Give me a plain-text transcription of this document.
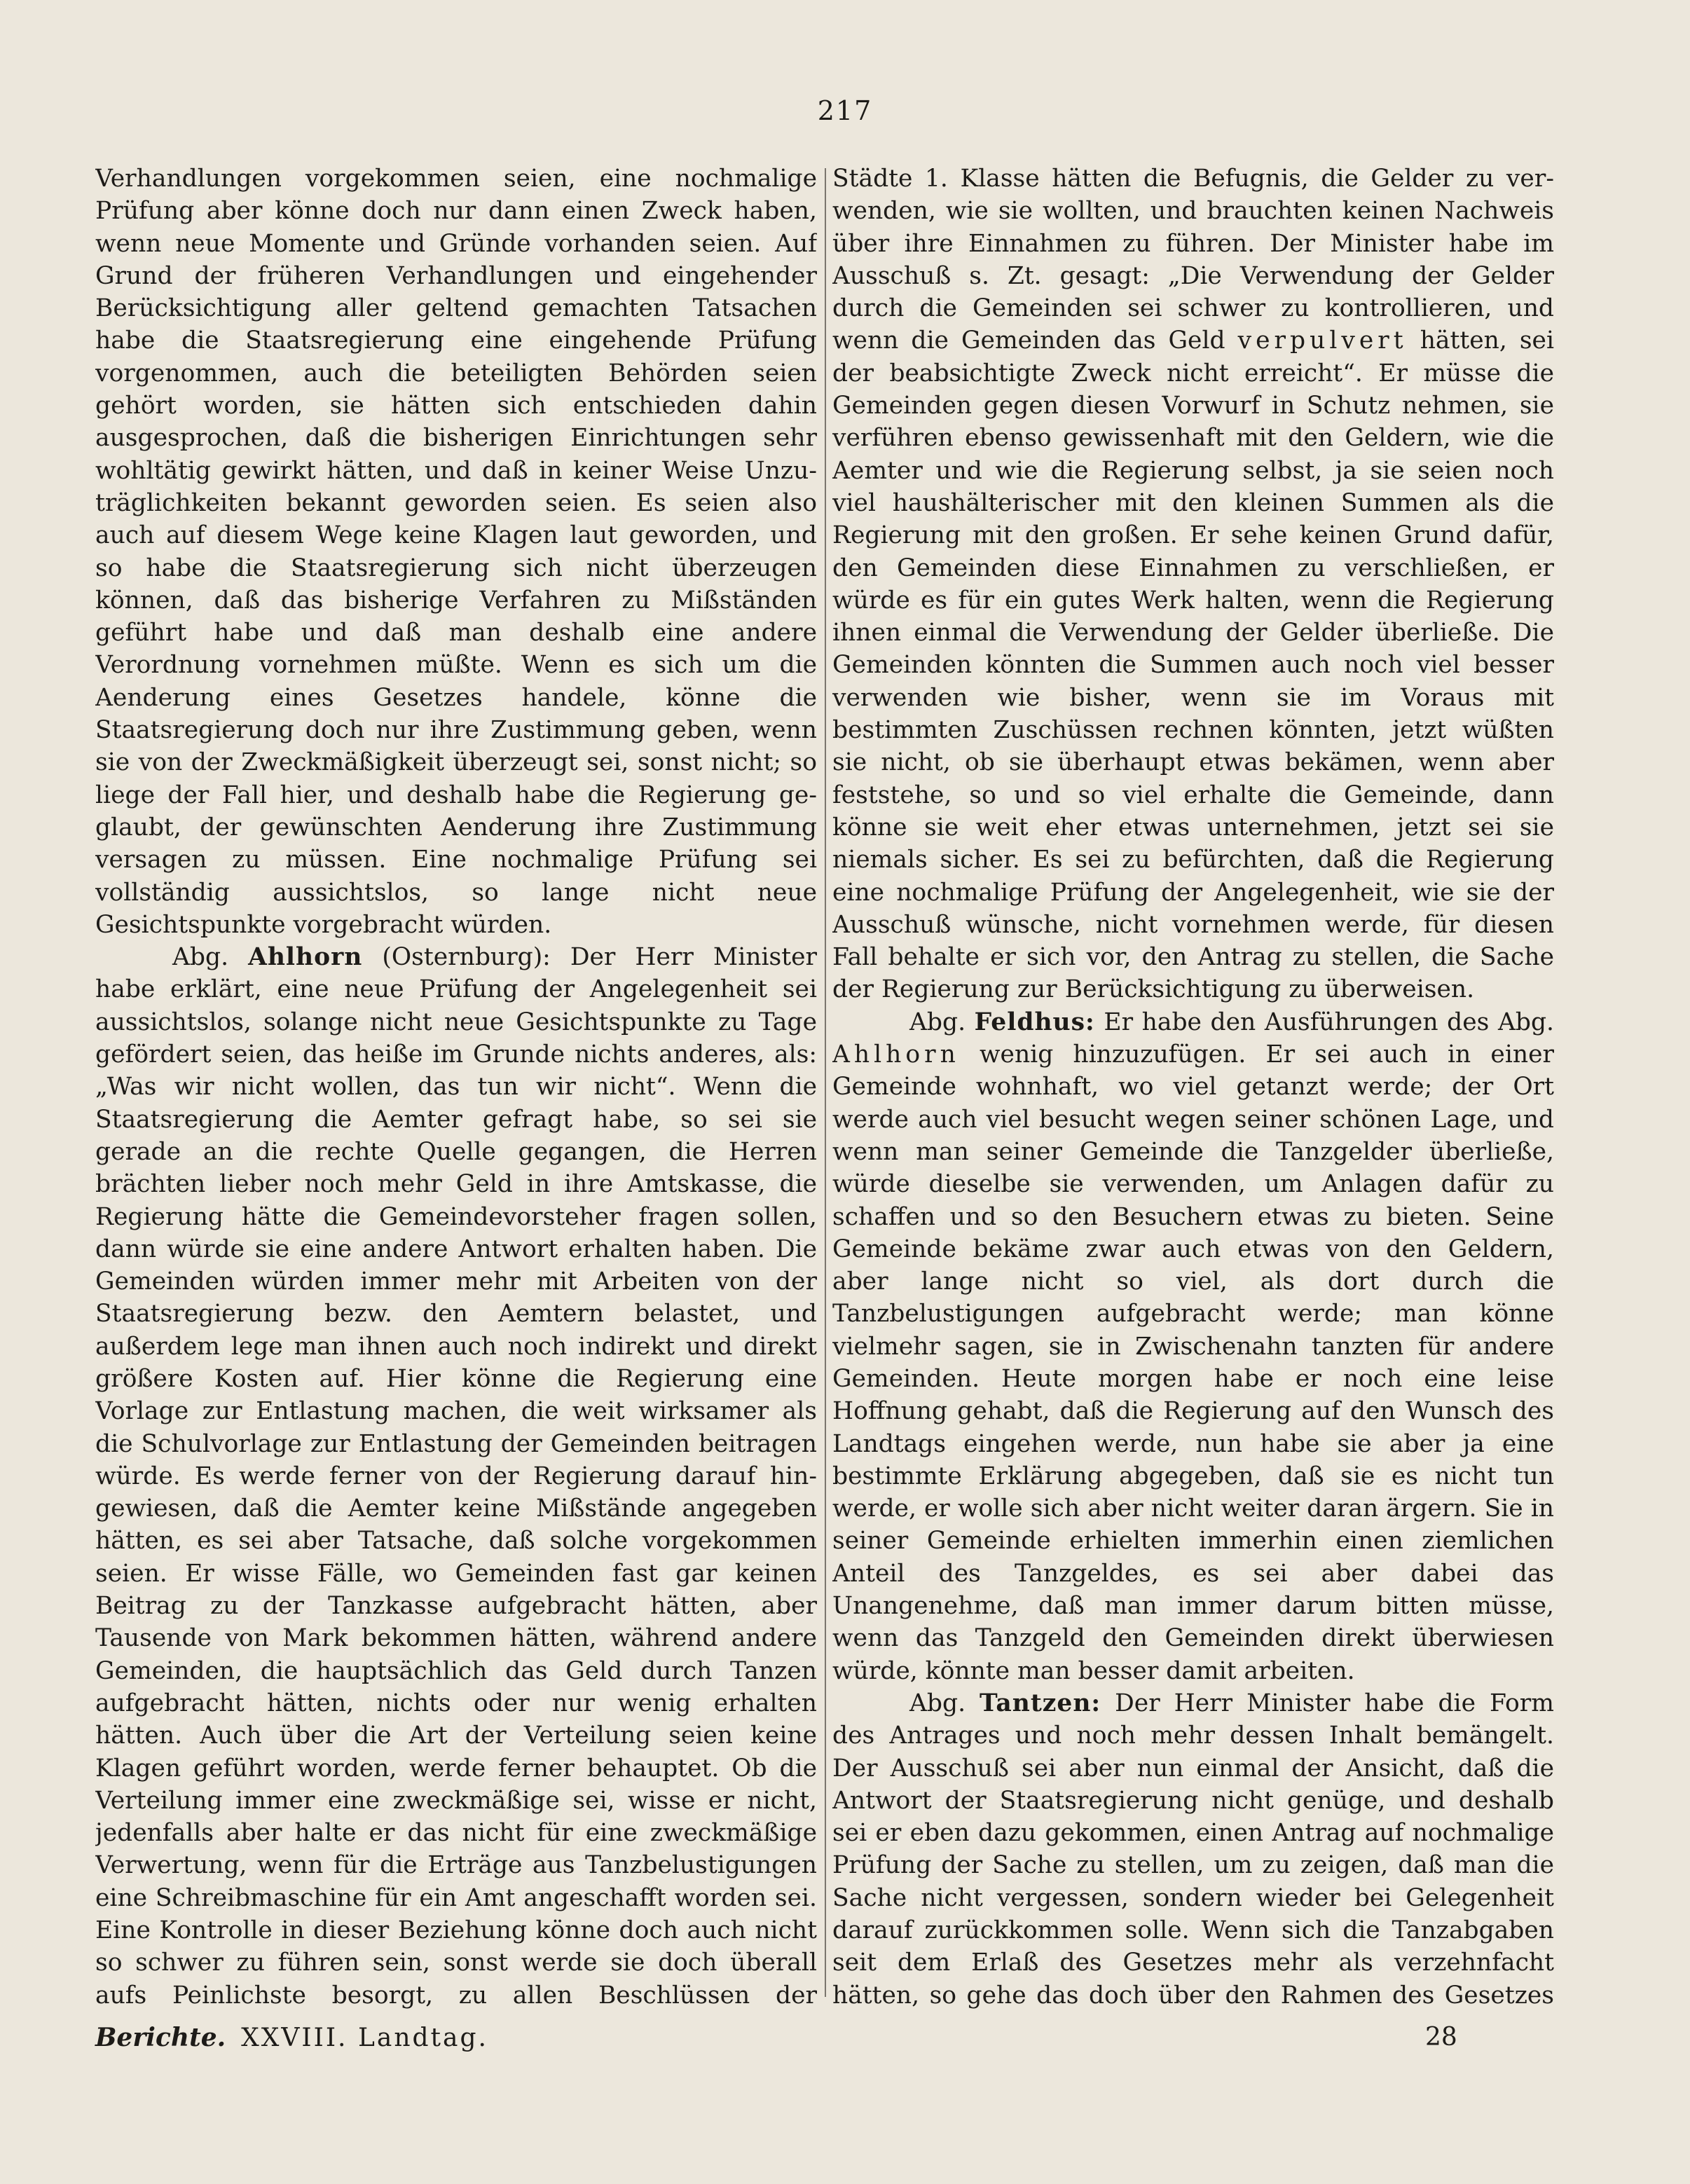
217

Verhandlungen vorgekommen seien, eine nochmalige Prüfung aber könne doch nur dann einen Zweck haben, wenn neue Momente und Gründe vorhanden seien. Auf Grund der früheren Verhandlungen und eingehender Berücksichtigung aller geltend gemachten Tatsachen habe die Staatsregierung eine eingehende Prüfung vorgenommen, auch die beteiligten Behörden seien gehört worden, sie hätten sich entschieden dahin ausgesprochen, daß die bisherigen Einrichtungen sehr wohltätig gewirkt hätten, und daß in keiner Weise Unzuträglichkeiten bekannt geworden seien. Es seien also auch auf diesem Wege keine Klagen laut geworden, und so habe die Staatsregierung sich nicht überzeugen können, daß das bisherige Verfahren zu Mißständen geführt habe und daß man deshalb eine andere Verordnung vornehmen müßte. Wenn es sich um die Aenderung eines Gesetzes handele, könne die Staatsregierung doch nur ihre Zustimmung geben, wenn sie von der Zweckmäßigkeit überzeugt sei, sonst nicht; so liege der Fall hier, und deshalb habe die Regierung geglaubt, der gewünschten Aenderung ihre Zustimmung versagen zu müssen. Eine nochmalige Prüfung sei vollständig aussichtslos, so lange nicht neue Gesichtspunkte vorgebracht würden.

Abg. Ahlhorn (Osternburg): Der Herr Minister habe erklärt, eine neue Prüfung der Angelegenheit sei aussichtslos, solange nicht neue Gesichtspunkte zu Tage gefördert seien, das heiße im Grunde nichts anderes, als: „Was wir nicht wollen, das tun wir nicht“. Wenn die Staatsregierung die Aemter gefragt habe, so sei sie gerade an die rechte Quelle gegangen, die Herren brächten lieber noch mehr Geld in ihre Amtskasse, die Regierung hätte die Gemeindevorsteher fragen sollen, dann würde sie eine andere Antwort erhalten haben. Die Gemeinden würden immer mehr mit Arbeiten von der Staatsregierung bezw. den Aemtern belastet, und außerdem lege man ihnen auch noch indirekt und direkt größere Kosten auf. Hier könne die Regierung eine Vorlage zur Entlastung machen, die weit wirksamer als die Schulvorlage zur Entlastung der Gemeinden beitragen würde. Es werde ferner von der Regierung darauf hingewiesen, daß die Aemter keine Mißstände angegeben hätten, es sei aber Tatsache, daß solche vorgekommen seien. Er wisse Fälle, wo Gemeinden fast gar keinen Beitrag zu der Tanzkasse aufgebracht hätten, aber Tausende von Mark bekommen hätten, während andere Gemeinden, die hauptsächlich das Geld durch Tanzen aufgebracht hätten, nichts oder nur wenig erhalten hätten. Auch über die Art der Verteilung seien keine Klagen geführt worden, werde ferner behauptet. Ob die Verteilung immer eine zweckmäßige sei, wisse er nicht, jedenfalls aber halte er das nicht für eine zweckmäßige Verwertung, wenn für die Erträge aus Tanzbelustigungen eine Schreibmaschine für ein Amt angeschafft worden sei. Eine Kontrolle in dieser Beziehung könne doch auch nicht so schwer zu führen sein, sonst werde sie doch überall aufs Peinlichste besorgt, zu allen Beschlüssen der

Städte 1. Klasse hätten die Befugnis, die Gelder zu verwenden, wie sie wollten, und brauchten keinen Nachweis über ihre Einnahmen zu führen. Der Minister habe im Ausschuß s. Zt. gesagt: „Die Verwendung der Gelder durch die Gemeinden sei schwer zu kontrollieren, und wenn die Gemeinden das Geld verpulvert hätten, sei der beabsichtigte Zweck nicht erreicht“. Er müsse die Gemeinden gegen diesen Vorwurf in Schutz nehmen, sie verführen ebenso gewissenhaft mit den Geldern, wie die Aemter und wie die Regierung selbst, ja sie seien noch viel haushälterischer mit den kleinen Summen als die Regierung mit den großen. Er sehe keinen Grund dafür, den Gemeinden diese Einnahmen zu verschließen, er würde es für ein gutes Werk halten, wenn die Regierung ihnen einmal die Verwendung der Gelder überließe. Die Gemeinden könnten die Summen auch noch viel besser verwenden wie bisher, wenn sie im Voraus mit bestimmten Zuschüssen rechnen könnten, jetzt wüßten sie nicht, ob sie überhaupt etwas bekämen, wenn aber feststehe, so und so viel erhalte die Gemeinde, dann könne sie weit eher etwas unternehmen, jetzt sei sie niemals sicher. Es sei zu befürchten, daß die Regierung eine nochmalige Prüfung der Angelegenheit, wie sie der Ausschuß wünsche, nicht vornehmen werde, für diesen Fall behalte er sich vor, den Antrag zu stellen, die Sache der Regierung zur Berücksichtigung zu überweisen.

Abg. Feldhus: Er habe den Ausführungen des Abg. Ahlhorn wenig hinzuzufügen. Er sei auch in einer Gemeinde wohnhaft, wo viel getanzt werde; der Ort werde auch viel besucht wegen seiner schönen Lage, und wenn man seiner Gemeinde die Tanzgelder überließe, würde dieselbe sie verwenden, um Anlagen dafür zu schaffen und so den Besuchern etwas zu bieten. Seine Gemeinde bekäme zwar auch etwas von den Geldern, aber lange nicht so viel, als dort durch die Tanzbelustigungen aufgebracht werde; man könne vielmehr sagen, sie in Zwischenahn tanzten für andere Gemeinden. Heute morgen habe er noch eine leise Hoffnung gehabt, daß die Regierung auf den Wunsch des Landtags eingehen werde, nun habe sie aber ja eine bestimmte Erklärung abgegeben, daß sie es nicht tun werde, er wolle sich aber nicht weiter daran ärgern. Sie in seiner Gemeinde erhielten immerhin einen ziemlichen Anteil des Tanzgeldes, es sei aber dabei das Unangenehme, daß man immer darum bitten müsse, wenn das Tanzgeld den Gemeinden direkt überwiesen würde, könnte man besser damit arbeiten.

Abg. Tantzen: Der Herr Minister habe die Form des Antrages und noch mehr dessen Inhalt bemängelt. Der Ausschuß sei aber nun einmal der Ansicht, daß die Antwort der Staatsregierung nicht genüge, und deshalb sei er eben dazu gekommen, einen Antrag auf nochmalige Prüfung der Sache zu stellen, um zu zeigen, daß man die Sache nicht vergessen, sondern wieder bei Gelegenheit darauf zurückkommen solle. Wenn sich die Tanzabgaben seit dem Erlaß des Gesetzes mehr als verzehnfacht hätten, so gehe das doch über den Rahmen des Gesetzes

Berichte. XXVIII. Landtag.	28
